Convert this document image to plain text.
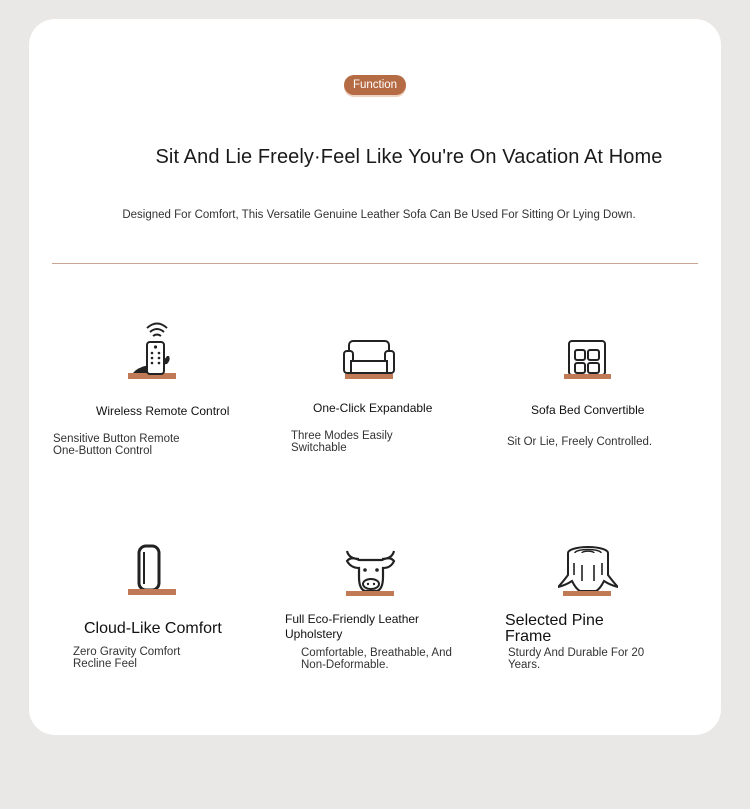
Function
Sit And Lie Freely·Feel Like You're On Vacation At Home

Designed For Comfort, This Versatile Genuine Leather Sofa Can Be Used For Sitting Or Lying Down.

Wireless Remote Control
Sensitive Button Remote
One-Button Control
One-Click Expandable
Three Modes Easily
Switchable
Sofa Bed Convertible
Sit Or Lie, Freely Controlled.
Cloud-Like Comfort
Zero Gravity Comfort
Recline Feel
Full Eco-Friendly Leather
Upholstery
Comfortable, Breathable, And
Non-Deformable.
Selected Pine
Frame
Sturdy And Durable For 20
Years.
